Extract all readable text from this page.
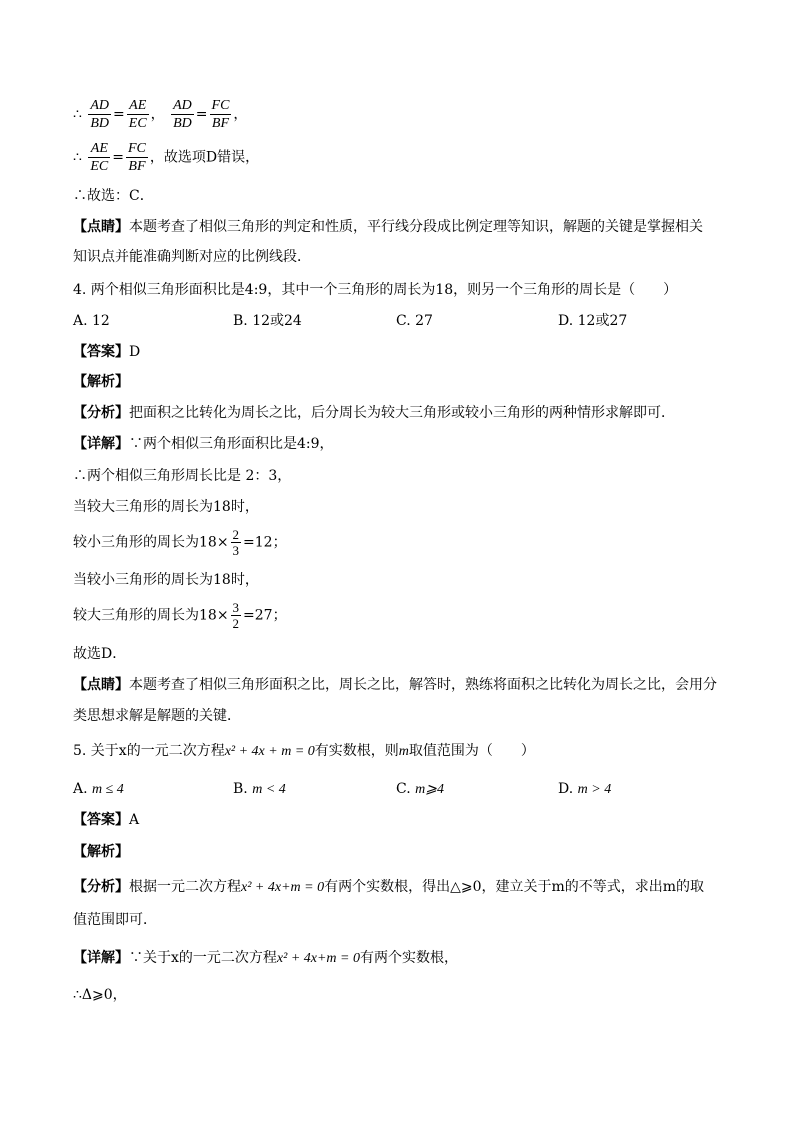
∴ $\frac{AD}{BD} = \frac{AE}{EC}$ ， $\frac{AD}{BD} = \frac{FC}{BF}$ ，
∴ $\frac{AE}{EC} = \frac{FC}{BF}$ ，故选项D错误，
∴故选：C．
【点睛】本题考查了相似三角形的判定和性质，平行线分段成比例定理等知识，解题的关键是掌握相关
知识点并能准确判断对应的比例线段．
4. 两个相似三角形面积比是4:9，其中一个三角形的周长为18，则另一个三角形的周长是（　　）
A. 12	B. 12或24	C. 27	D. 12或27
【答案】D
【解析】
【分析】把面积之比转化为周长之比，后分周长为较大三角形或较小三角形的两种情形求解即可．
【详解】∵两个相似三角形面积比是4:9，
∴两个相似三角形周长比是 2：3，
当较大三角形的周长为18时，
较小三角形的周长为$18\times \frac{2}{3} =12$；
当较小三角形的周长为18时，
较大三角形的周长为$18\times \frac{3}{2} =27$；
故选D．
【点睛】本题考查了相似三角形面积之比，周长之比，解答时，熟练将面积之比转化为周长之比，会用分
类思想求解是解题的关键．
5. 关于x的一元二次方程x² + 4x + m = 0有实数根，则m取值范围为（　　）
A. m ≤ 4	B. m < 4	C. m⩾4	D. m > 4
【答案】A
【解析】
【分析】根据一元二次方程x² + 4x+m = 0有两个实数根，得出△⩾0，建立关于m的不等式，求出m的取
值范围即可．
【详解】∵关于x的一元二次方程x² + 4x+m = 0有两个实数根，
∴Δ⩾0，
